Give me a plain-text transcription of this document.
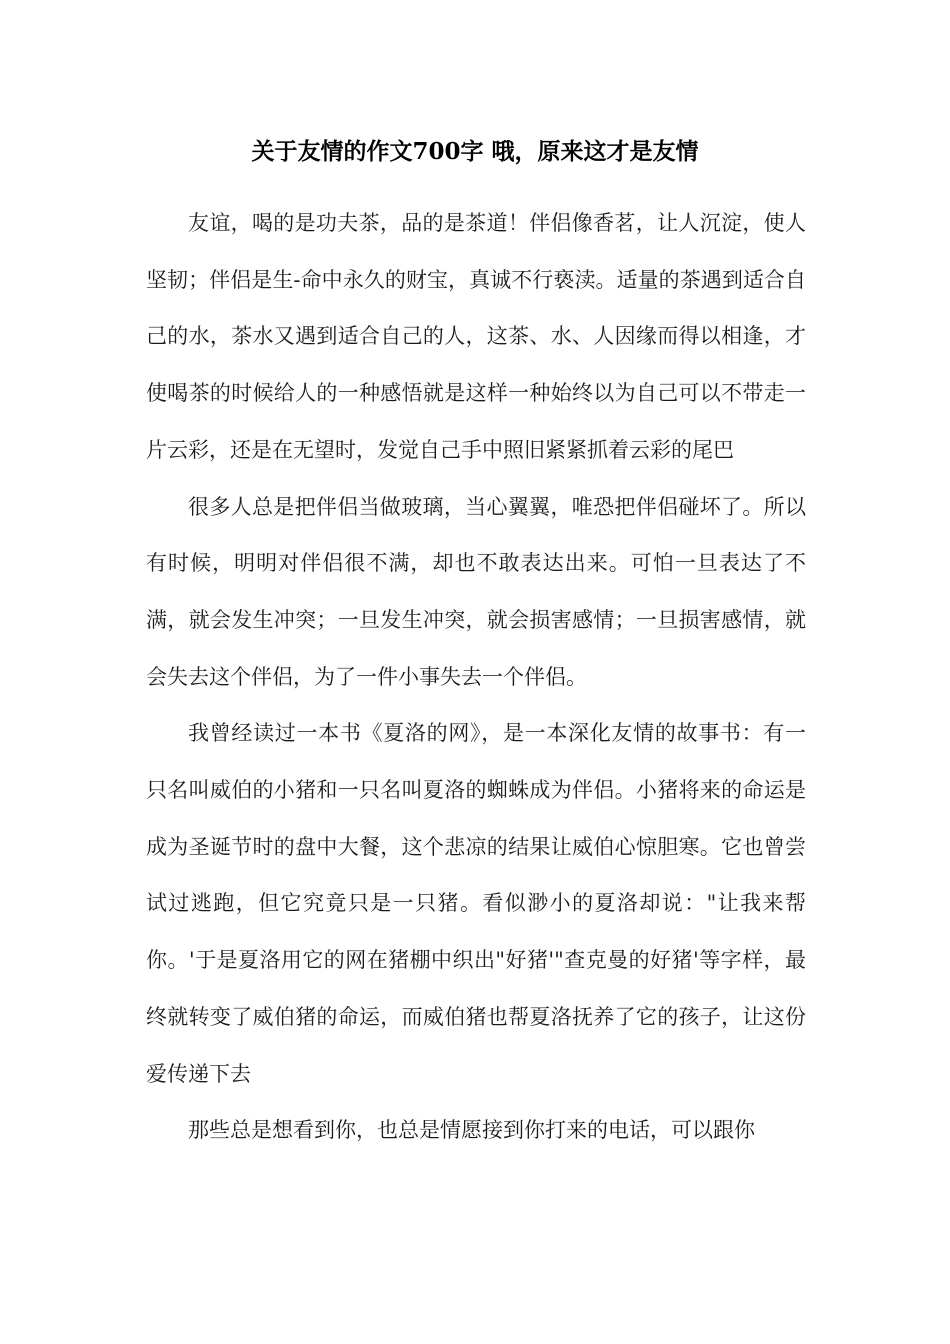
关于友情的作文700字 哦，原来这才是友情

友谊，喝的是功夫茶，品的是茶道！伴侣像香茗，让人沉淀，使人坚韧；伴侣是生-命中永久的财宝，真诚不行亵渎。适量的茶遇到适合自己的水，茶水又遇到适合自己的人，这茶、水、人因缘而得以相逢，才使喝茶的时候给人的一种感悟就是这样一种始终以为自己可以不带走一片云彩，还是在无望时，发觉自己手中照旧紧紧抓着云彩的尾巴

很多人总是把伴侣当做玻璃，当心翼翼，唯恐把伴侣碰坏了。所以有时候，明明对伴侣很不满，却也不敢表达出来。可怕一旦表达了不满，就会发生冲突；一旦发生冲突，就会损害感情；一旦损害感情，就会失去这个伴侣，为了一件小事失去一个伴侣。

我曾经读过一本书《夏洛的网》，是一本深化友情的故事书：有一只名叫威伯的小猪和一只名叫夏洛的蜘蛛成为伴侣。小猪将来的命运是成为圣诞节时的盘中大餐，这个悲凉的结果让威伯心惊胆寒。它也曾尝试过逃跑，但它究竟只是一只猪。看似渺小的夏洛却说："让我来帮你。'于是夏洛用它的网在猪棚中织出"好猪'"查克曼的好猪'等字样，最终就转变了威伯猪的命运，而威伯猪也帮夏洛抚养了它的孩子，让这份爱传递下去

那些总是想看到你，也总是情愿接到你打来的电话，可以跟你
